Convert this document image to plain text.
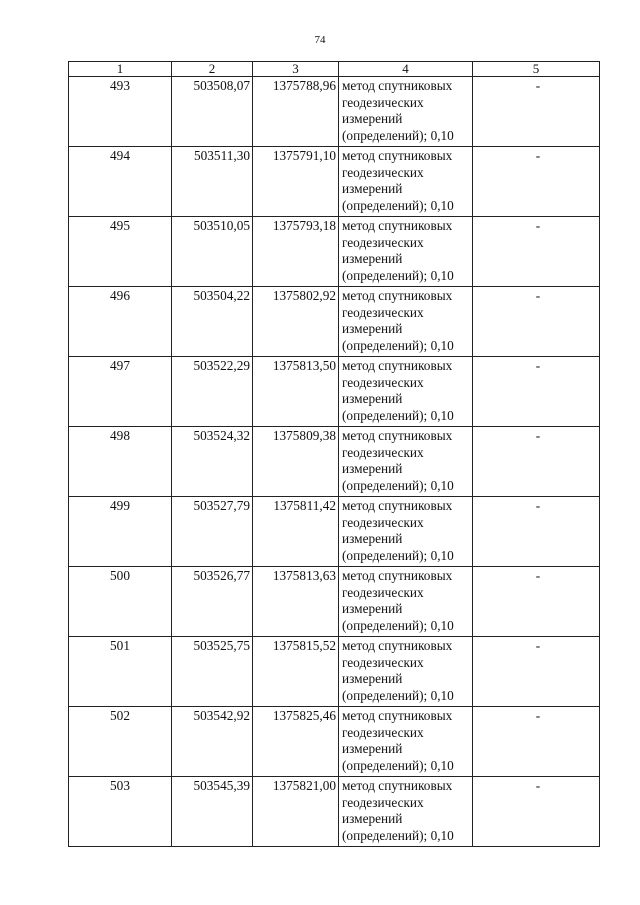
74
1	2	3	4	5
493	503508,07	1375788,96	метод спутниковых
геодезических
измерений
(определений); 0,10	-
494	503511,30	1375791,10	метод спутниковых
геодезических
измерений
(определений); 0,10	-
495	503510,05	1375793,18	метод спутниковых
геодезических
измерений
(определений); 0,10	-
496	503504,22	1375802,92	метод спутниковых
геодезических
измерений
(определений); 0,10	-
497	503522,29	1375813,50	метод спутниковых
геодезических
измерений
(определений); 0,10	-
498	503524,32	1375809,38	метод спутниковых
геодезических
измерений
(определений); 0,10	-
499	503527,79	1375811,42	метод спутниковых
геодезических
измерений
(определений); 0,10	-
500	503526,77	1375813,63	метод спутниковых
геодезических
измерений
(определений); 0,10	-
501	503525,75	1375815,52	метод спутниковых
геодезических
измерений
(определений); 0,10	-
502	503542,92	1375825,46	метод спутниковых
геодезических
измерений
(определений); 0,10	-
503	503545,39	1375821,00	метод спутниковых
геодезических
измерений
(определений); 0,10	-
